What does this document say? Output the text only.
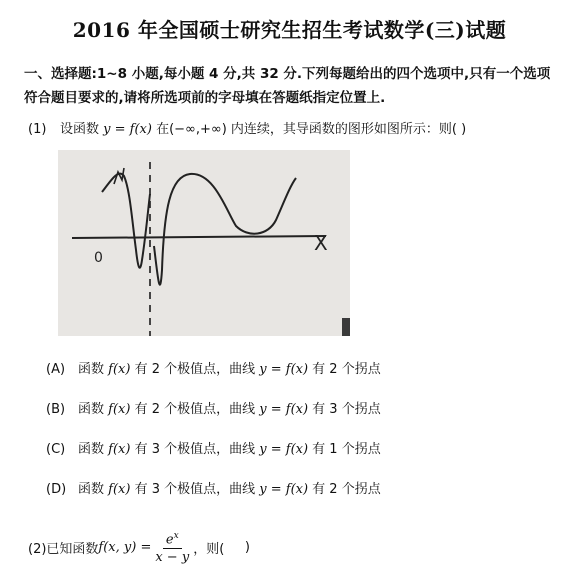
2016 年全国硕士研究生招生考试数学(三)试题
一、选择题:1~8 小题,每小题 4 分,共 32 分.下列每题给出的四个选项中,只有一个选项
符合题目要求的,请将所选项前的字母填在答题纸指定位置上.
(1) 设函数 y = f(x) 在(−∞,+∞) 内连续，其导函数的图形如图所示：则( )
X
0
(A) 函数 f(x) 有 2 个极值点，曲线 y = f(x) 有 2 个拐点
(B) 函数 f(x) 有 2 个极值点，曲线 y = f(x) 有 3 个拐点
(C) 函数 f(x) 有 3 个极值点，曲线 y = f(x) 有 1 个拐点
(D) 函数 f(x) 有 3 个极值点，曲线 y = f(x) 有 2 个拐点
(2)已知函数 f(x, $y) = \frac{e^x}{x - y}$ ，则( )
